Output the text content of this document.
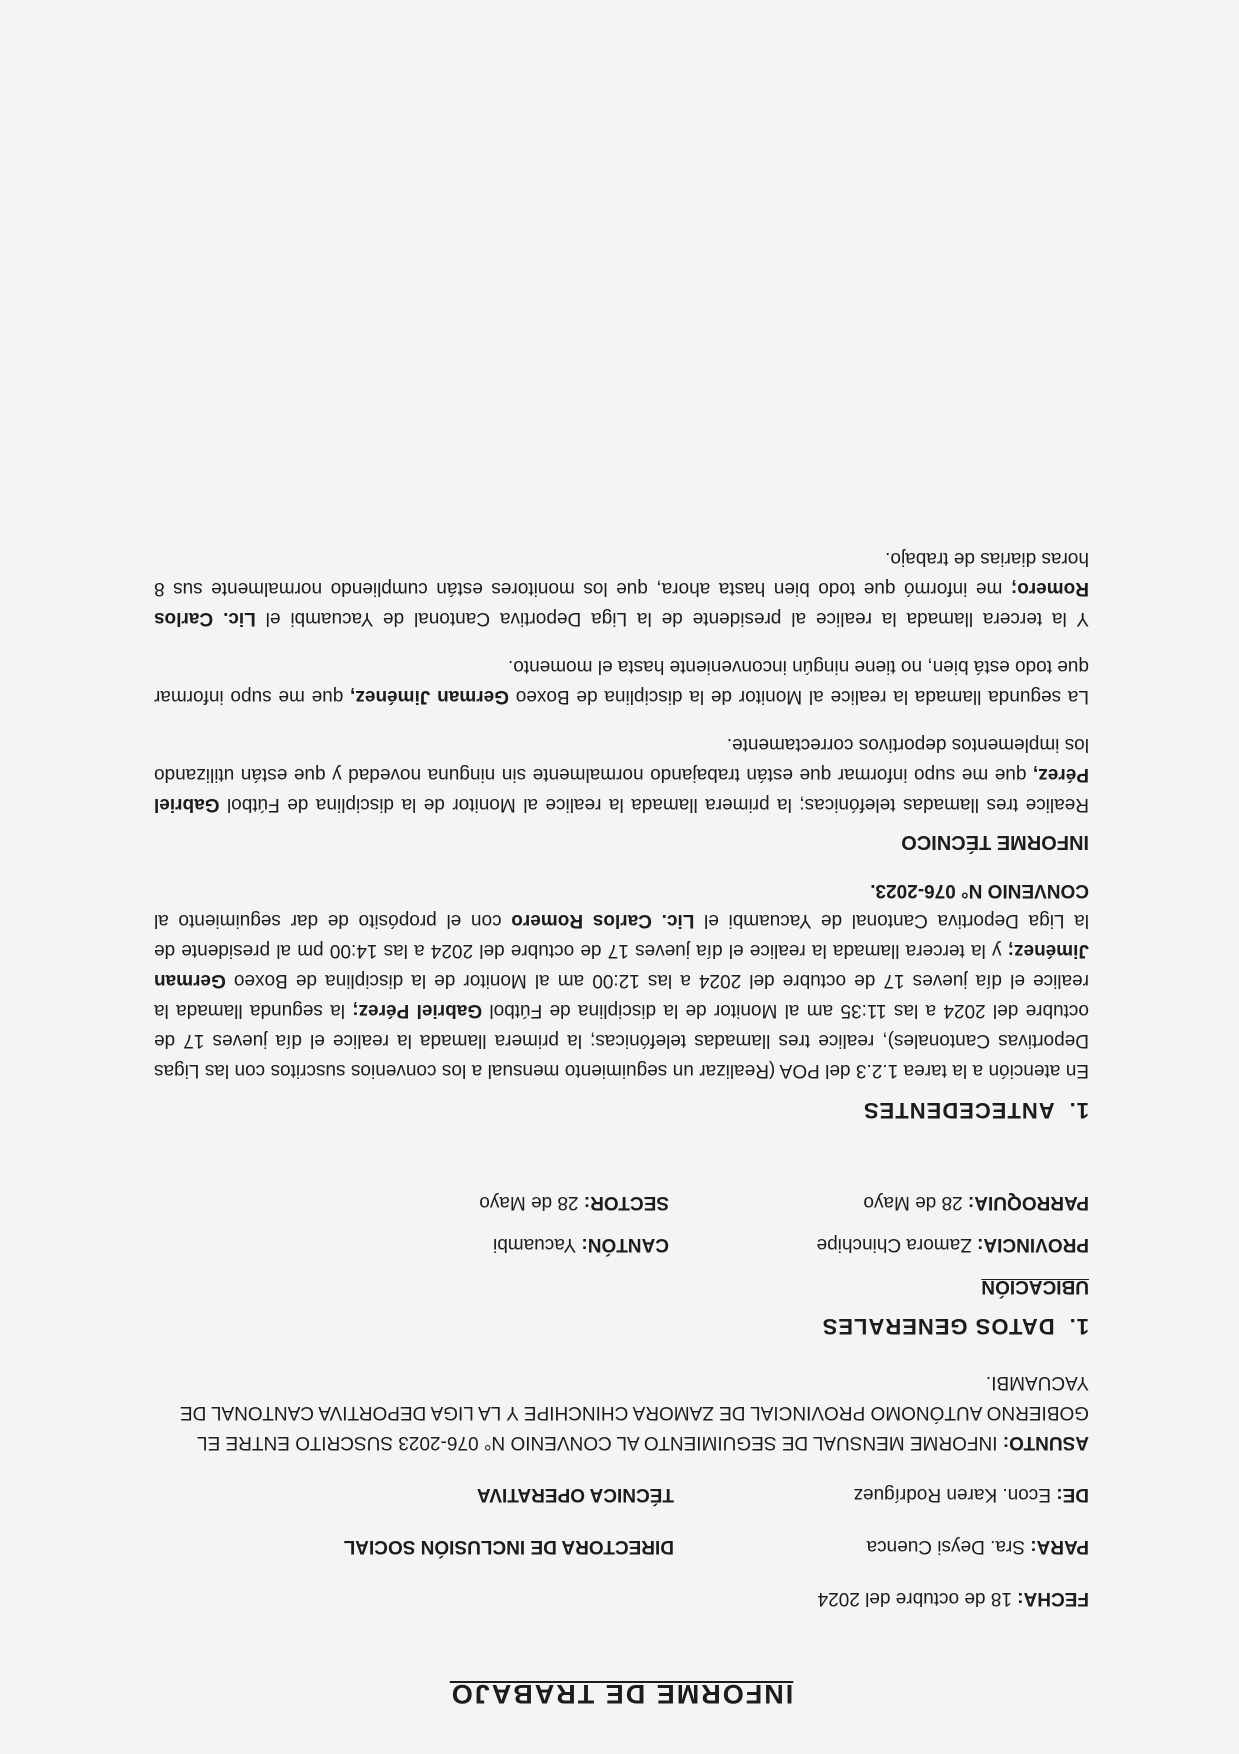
INFORME DE TRABAJO
FECHA:

18 de octubre del 2024
PARA: Sra. Deysi Cuenca
DIRECTORA DE INCLUSIÓN SOCIAL
DE: Econ. Karen Rodríguez
TÉCNICA OPERATIVA
ASUNTO: INFORME MENSUAL DE SEGUIMIENTO AL CONVENIO N° 076-2023 SUSCRITO ENTRE EL GOBIERNO AUTÓNOMO PROVINCIAL DE ZAMORA CHINCHIPE Y LA LIGA DEPORTIVA CANTONAL DE YACUAMBI.
1.DATOS GENERALES
UBICACIÓN
PROVINCIA: Zamora Chinchipe
CANTÓN: Yacuambi
PARROQUIA: 28 de Mayo
SECTOR: 28 de Mayo
1.ANTECEDENTES

En atención a la tarea 1.2.3 del POA (Realizar un seguimiento mensual a los convenios suscritos con las Ligas Deportivas Cantonales), realice tres llamadas telefónicas; la primera llamada la realice el día jueves 17 de octubre del 2024 a las 11:35 am al Monitor de la disciplina de Fútbol Gabriel Pérez; la segunda llamada la realice el día jueves 17 de octubre del 2024 a las 12:00 am al Monitor de la disciplina de Boxeo German Jiménez; y la tercera llamada la realice el día jueves 17 de octubre del 2024 a las 14:00 pm al presidente de la Liga Deportiva Cantonal de Yacuambi el Lic. Carlos Romero con el propósito de dar seguimiento al CONVENIO N° 076-2023.

INFORME TÉCNICO

Realice tres llamadas telefónicas; la primera llamada la realice al Monitor de la disciplina de Fútbol Gabriel Pérez, que me supo informar que están trabajando normalmente sin ninguna novedad y que están utilizando los implementos deportivos correctamente.

La segunda llamada la realice al Monitor de la disciplina de Boxeo German Jiménez, que me supo informar que todo está bien, no tiene ningún inconveniente hasta el momento.

Y la tercera llamada la realice al presidente de la Liga Deportiva Cantonal de Yacuambi el Lic. Carlos Romero; me informó que todo bien hasta ahora, que los monitores están cumpliendo normalmente sus 8 horas diarias de trabajo.
